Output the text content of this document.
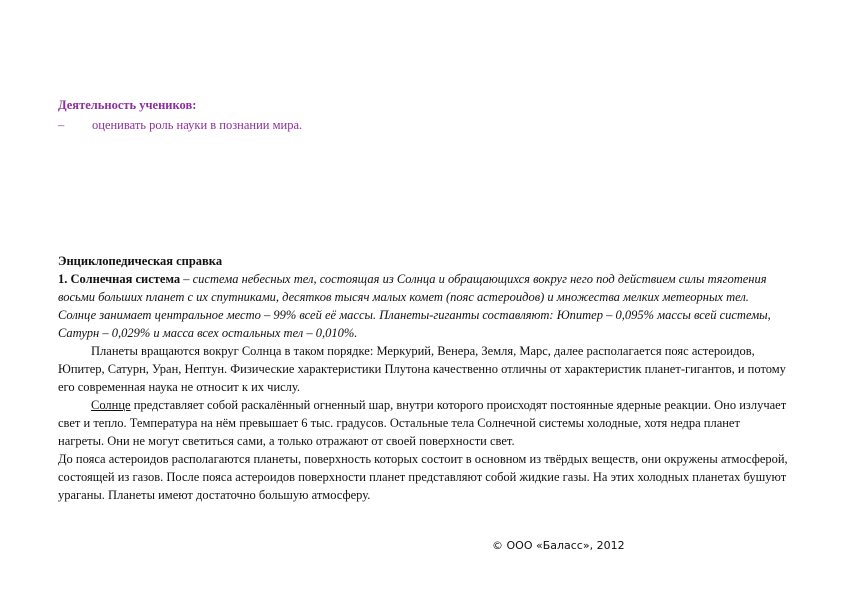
Деятельность учеников:
– оценивать роль науки в познании мира.
Энциклопедическая справка

1. Солнечная система – система небесных тел, состоящая из Солнца и обращающихся вокруг него под действием силы тяготения восьми больших планет с их спутниками, десятков тысяч малых комет (пояс астероидов) и множества мелких метеорных тел. Солнце занимает центральное место – 99% всей её массы. Планеты-гиганты составляют: Юпитер – 0,095% массы всей системы, Сатурн – 0,029% и масса всех остальных тел – 0,010%.

Планеты вращаются вокруг Солнца в таком порядке: Меркурий, Венера, Земля, Марс, далее располагается пояс астероидов, Юпитер, Сатурн, Уран, Нептун. Физические характеристики Плутона качественно отличны от характеристик планет-гигантов, и потому его современная наука не относит к их числу.

Солнце представляет собой раскалённый огненный шар, внутри которого происходят постоянные ядерные реакции. Оно излучает свет и тепло. Температура на нём превышает 6 тыс. градусов. Остальные тела Солнечной системы холодные, хотя недра планет нагреты. Они не могут светиться сами, а только отражают от своей поверхности свет.

До пояса астероидов располагаются планеты, поверхность которых состоит в основном из твёрдых веществ, они окружены атмосферой, состоящей из газов. После пояса астероидов поверхности планет представляют собой жидкие газы. На этих холодных планетах бушуют ураганы. Планеты имеют достаточно большую атмосферу.

© ООО «Баласс», 2012
